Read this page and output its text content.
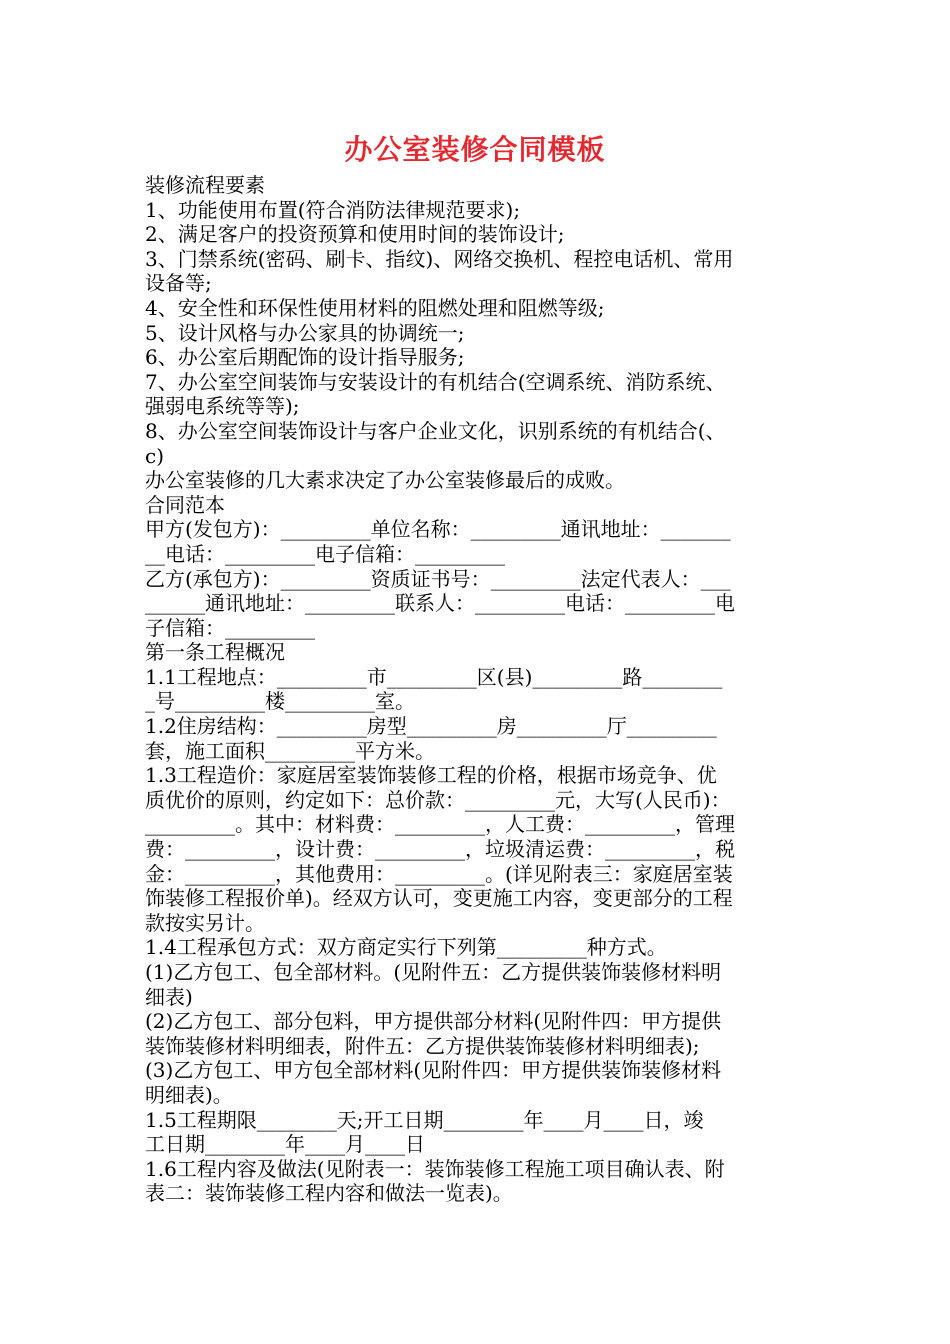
办公室装修合同模板
装修流程要素
1、功能使用布置(符合消防法律规范要求);
2、满足客户的投资预算和使用时间的装饰设计;
3、门禁系统(密码、刷卡、指纹)、网络交换机、程控电话机、常用
设备等;
4、安全性和环保性使用材料的阻燃处理和阻燃等级;
5、设计风格与办公家具的协调统一;
6、办公室后期配饰的设计指导服务;
7、办公室空间装饰与安装设计的有机结合(空调系统、消防系统、
强弱电系统等等);
8、办公室空间装饰设计与客户企业文化，识别系统的有机结合(、
c)
办公室装修的几大素求决定了办公室装修最后的成败。
合同范本
甲方(发包方)：_________单位名称：_________通讯地址：_______
__电话：_________电子信箱：_________
乙方(承包方)：_________资质证书号：_________法定代表人：___
______通讯地址：_________联系人：_________电话：_________电
子信箱：_________
第一条工程概况
1.1工程地点：_________市_________区(县)_________路________
_号_________楼_________室。
1.2住房结构：_________房型_________房_________厅_________
套，施工面积_________平方米。
1.3工程造价：家庭居室装饰装修工程的价格，根据市场竞争、优
质优价的原则，约定如下：总价款：_________元，大写(人民币)：
_________。其中：材料费：_________，人工费：_________，管理
费：_________，设计费：_________，垃圾清运费：_________，税
金：_________，其他费用：_________。(详见附表三：家庭居室装
饰装修工程报价单)。经双方认可，变更施工内容，变更部分的工程
款按实另计。
1.4工程承包方式：双方商定实行下列第_________种方式。
(1)乙方包工、包全部材料。(见附件五：乙方提供装饰装修材料明
细表)
(2)乙方包工、部分包料，甲方提供部分材料(见附件四：甲方提供
装饰装修材料明细表，附件五：乙方提供装饰装修材料明细表);
(3)乙方包工、甲方包全部材料(见附件四：甲方提供装饰装修材料
明细表)。
1.5工程期限________天;开工日期________年____月____日，竣
工日期________年____月____日
1.6工程内容及做法(见附表一：装饰装修工程施工项目确认表、附
表二：装饰装修工程内容和做法一览表)。
